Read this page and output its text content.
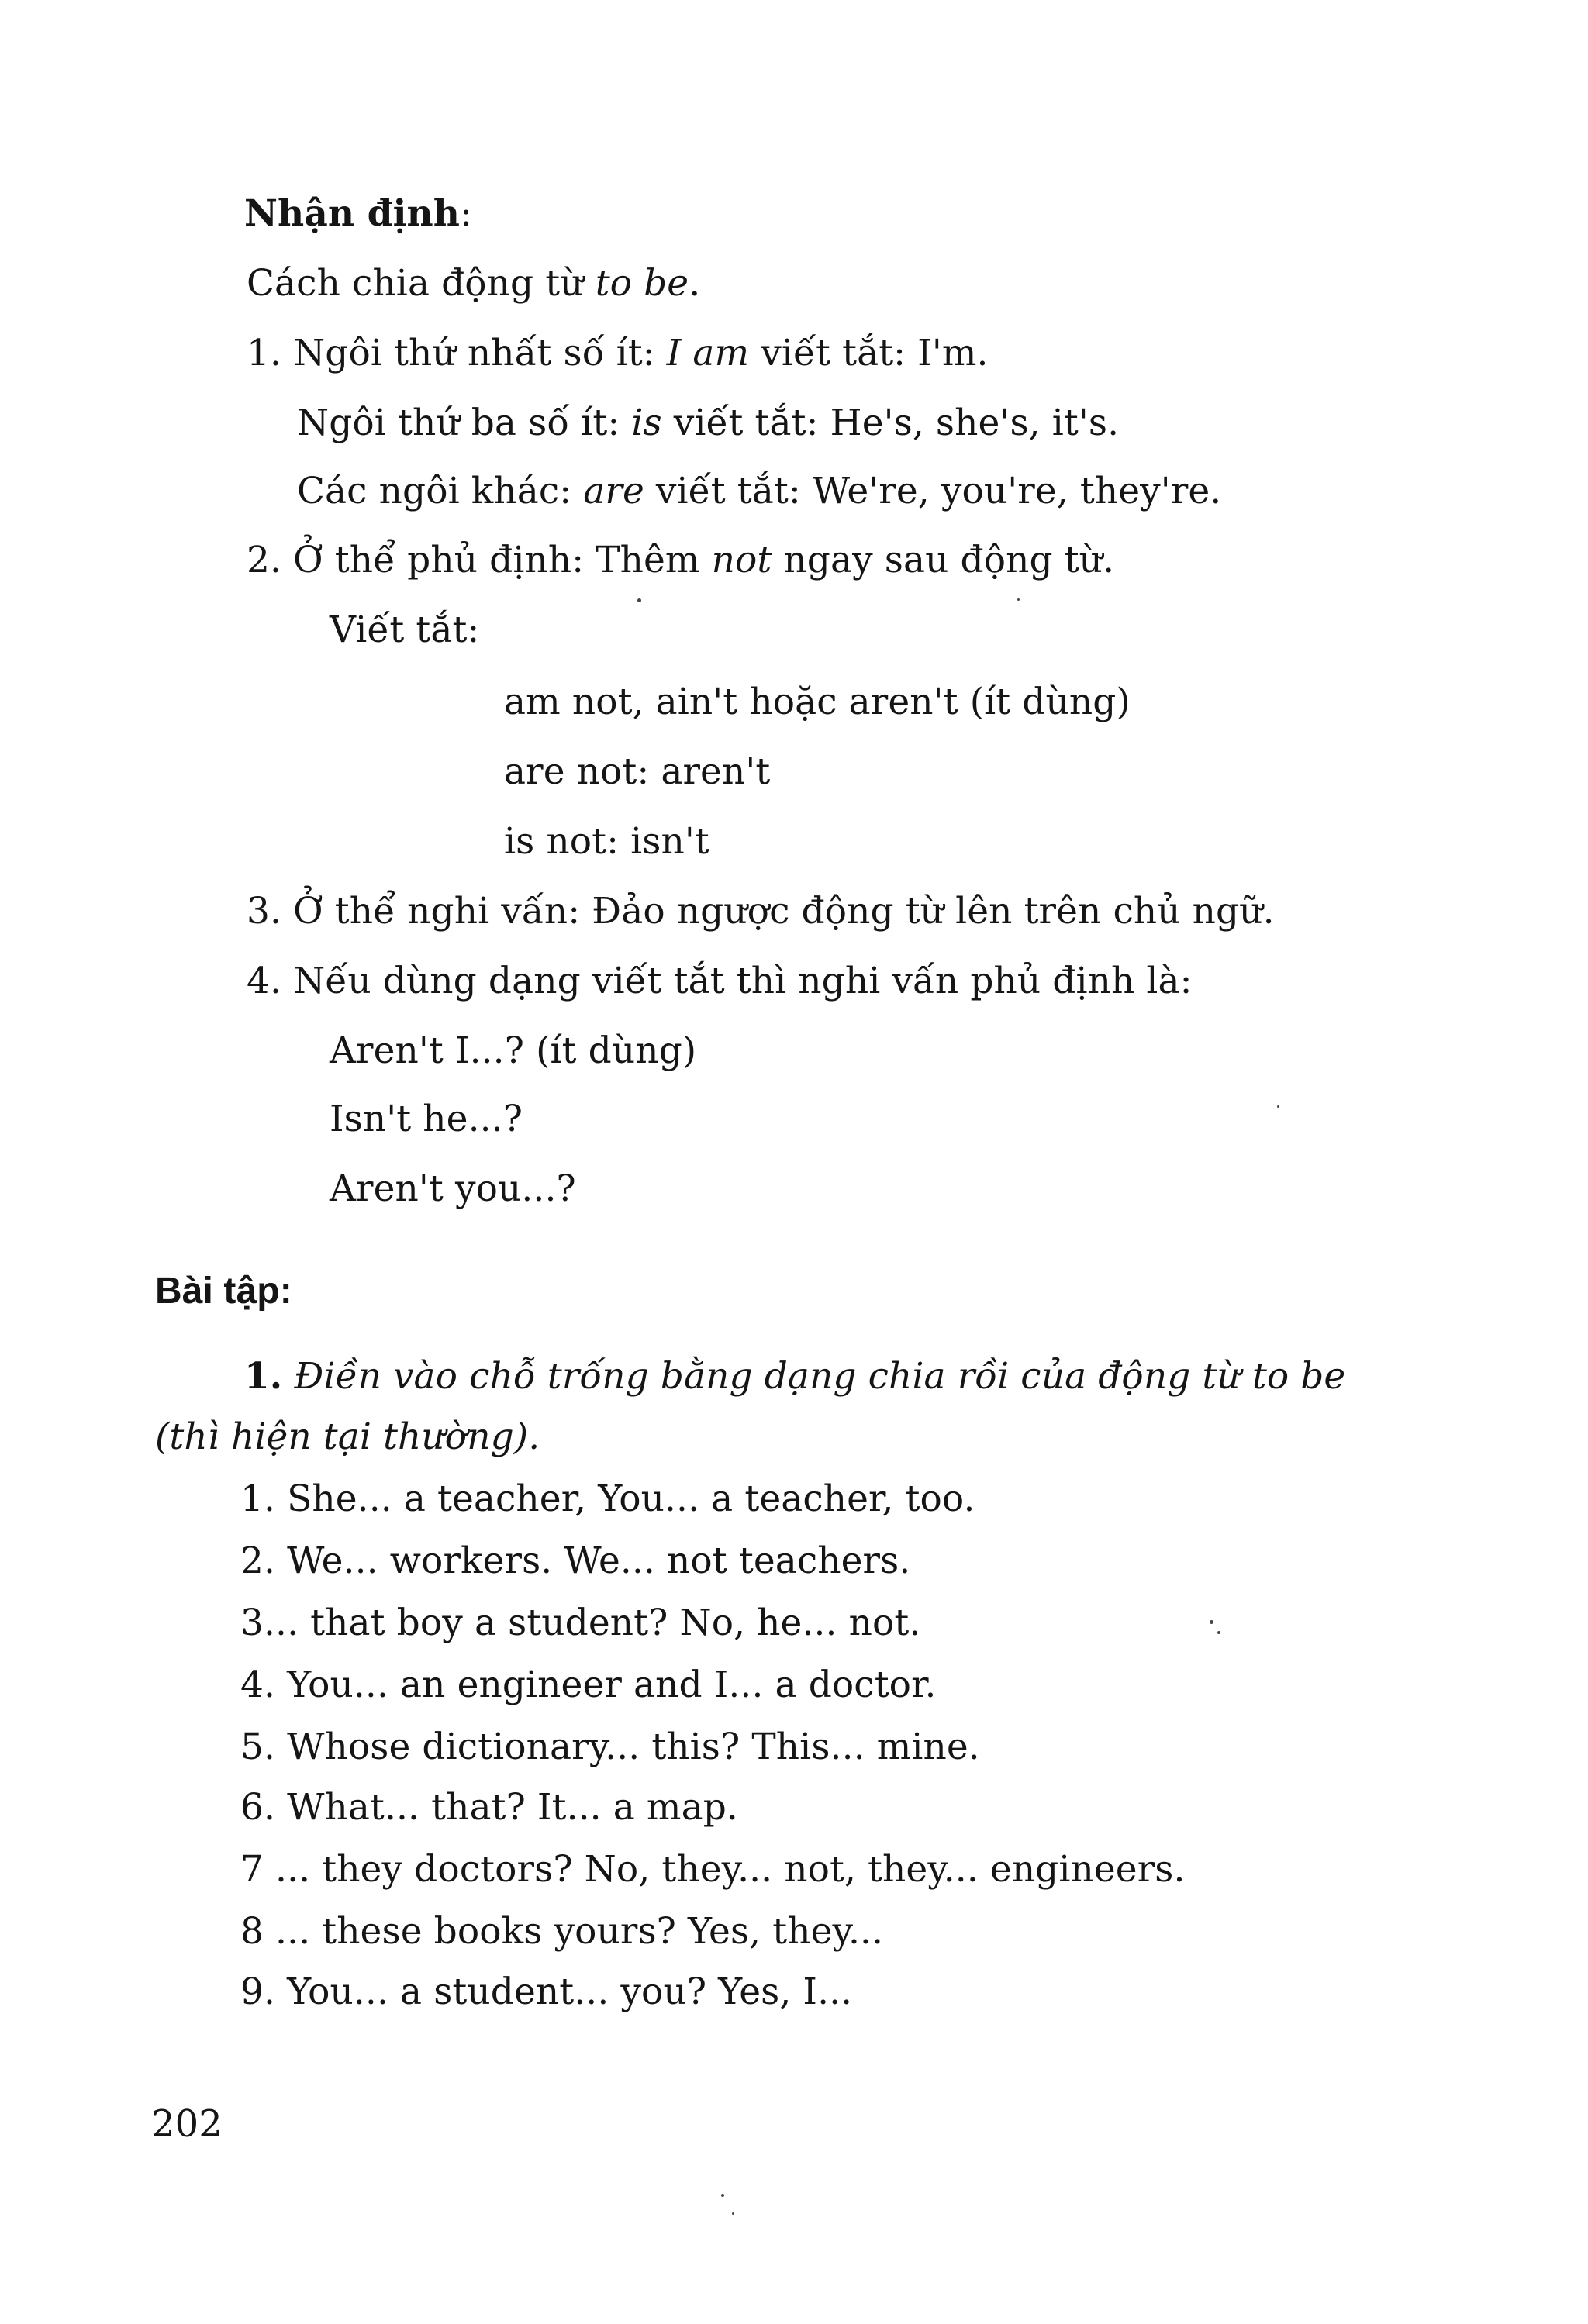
Nhận định:
Cách chia động từ to be.
1. Ngôi thứ nhất số ít: I am viết tắt: I'm.
Ngôi thứ ba số ít: is viết tắt: He's, she's, it's.
Các ngôi khác: are viết tắt: We're, you're, they're.
2. Ở thể phủ định: Thêm not ngay sau động từ.
Viết tắt:
am not, ain't hoặc aren't (ít dùng)
are not: aren't
is not: isn't
3. Ở thể nghi vấn: Đảo ngược động từ lên trên chủ ngữ.
4. Nếu dùng dạng viết tắt thì nghi vấn phủ định là:
Aren't I...? (ít dùng)
Isn't he...?
Aren't you...?
Bài tập:
1. Điền vào chỗ trống bằng dạng chia rồi của động từ to be
(thì hiện tại thường).
1. She... a teacher, You... a teacher, too.
2. We... workers. We... not teachers.
3... that boy a student? No, he... not.
4. You... an engineer and I... a doctor.
5. Whose dictionary... this? This... mine.
6. What... that? It... a map.
7 ... they doctors? No, they... not, they... engineers.
8 ... these books yours? Yes, they...
9. You... a student... you? Yes, I...
202
